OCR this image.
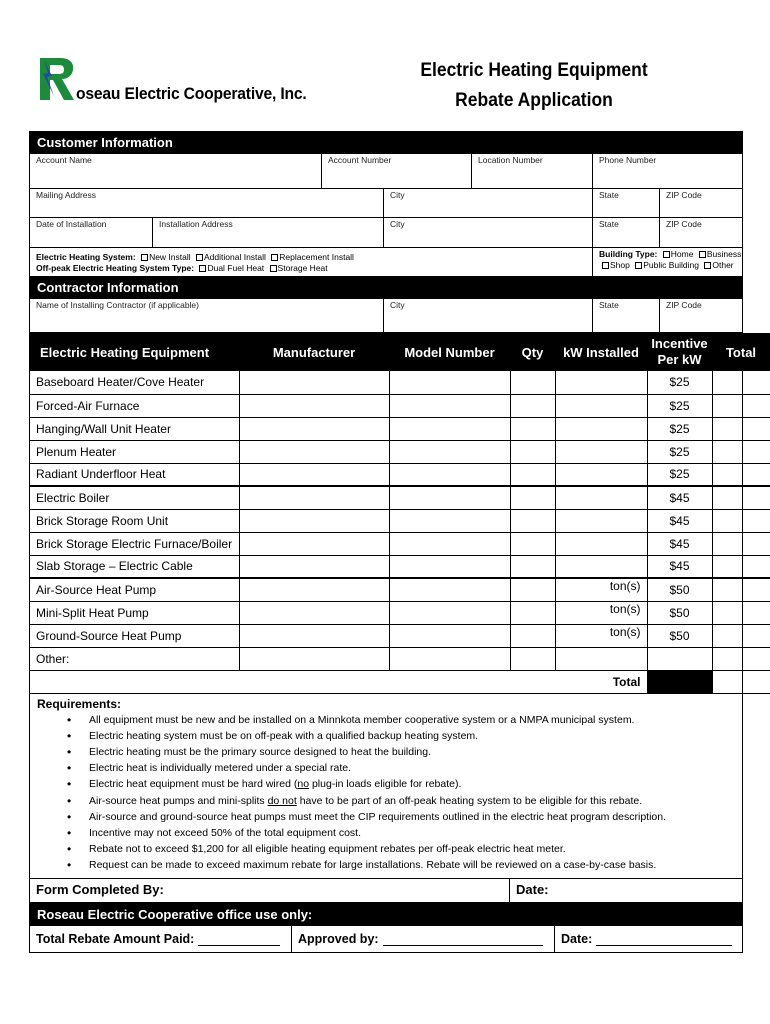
oseau Electric Cooperative, Inc.
Electric Heating Equipment
Rebate Application
Customer Information
Account Name	Account Number	Location Number	Phone Number
Mailing Address	City	State	ZIP Code
Date of Installation	Installation Address	City	State	ZIP Code
Electric Heating System: New Install Additional Install Replacement Install
Off-peak Electric Heating System Type: Dual Fuel Heat Storage Heat
Building Type: Home Business
Shop Public Building Other
Contractor Information
Name of Installing Contractor (if applicable)	City	State	ZIP Code
Electric Heating Equipment	Manufacturer	Model Number	Qty	kW Installed	Incentive
Per kW	Total
Baseboard Heater/Cove Heater					$25	
Forced-Air Furnace					$25	
Hanging/Wall Unit Heater					$25	
Plenum Heater					$25	
Radiant Underfloor Heat					$25	
Electric Boiler					$45	
Brick Storage Room Unit					$45	
Brick Storage Electric Furnace/Boiler					$45	
Slab Storage – Electric Cable					$45	
Air-Source Heat Pump				ton(s)	$50	
Mini-Split Heat Pump				ton(s)	$50	
Ground-Source Heat Pump				ton(s)	$50	
Other:						
Total						
Requirements:
• All equipment must be new and be installed on a Minnkota member cooperative system or a NMPA municipal system.
• Electric heating system must be on off-peak with a qualified backup heating system.
• Electric heating must be the primary source designed to heat the building.
• Electric heat is individually metered under a special rate.
• Electric heat equipment must be hard wired (no plug-in loads eligible for rebate).
• Air-source heat pumps and mini-splits do not have to be part of an off-peak heating system to be eligible for this rebate.
• Air-source and ground-source heat pumps must meet the CIP requirements outlined in the electric heat program description.
• Incentive may not exceed 50% of the total equipment cost.
• Rebate not to exceed $1,200 for all eligible heating equipment rebates per off-peak electric heat meter.
• Request can be made to exceed maximum rebate for large installations. Rebate will be reviewed on a case-by-case basis.
Form Completed By:	Date:
Roseau Electric Cooperative office use only:
Total Rebate Amount Paid:	Approved by:	Date:
